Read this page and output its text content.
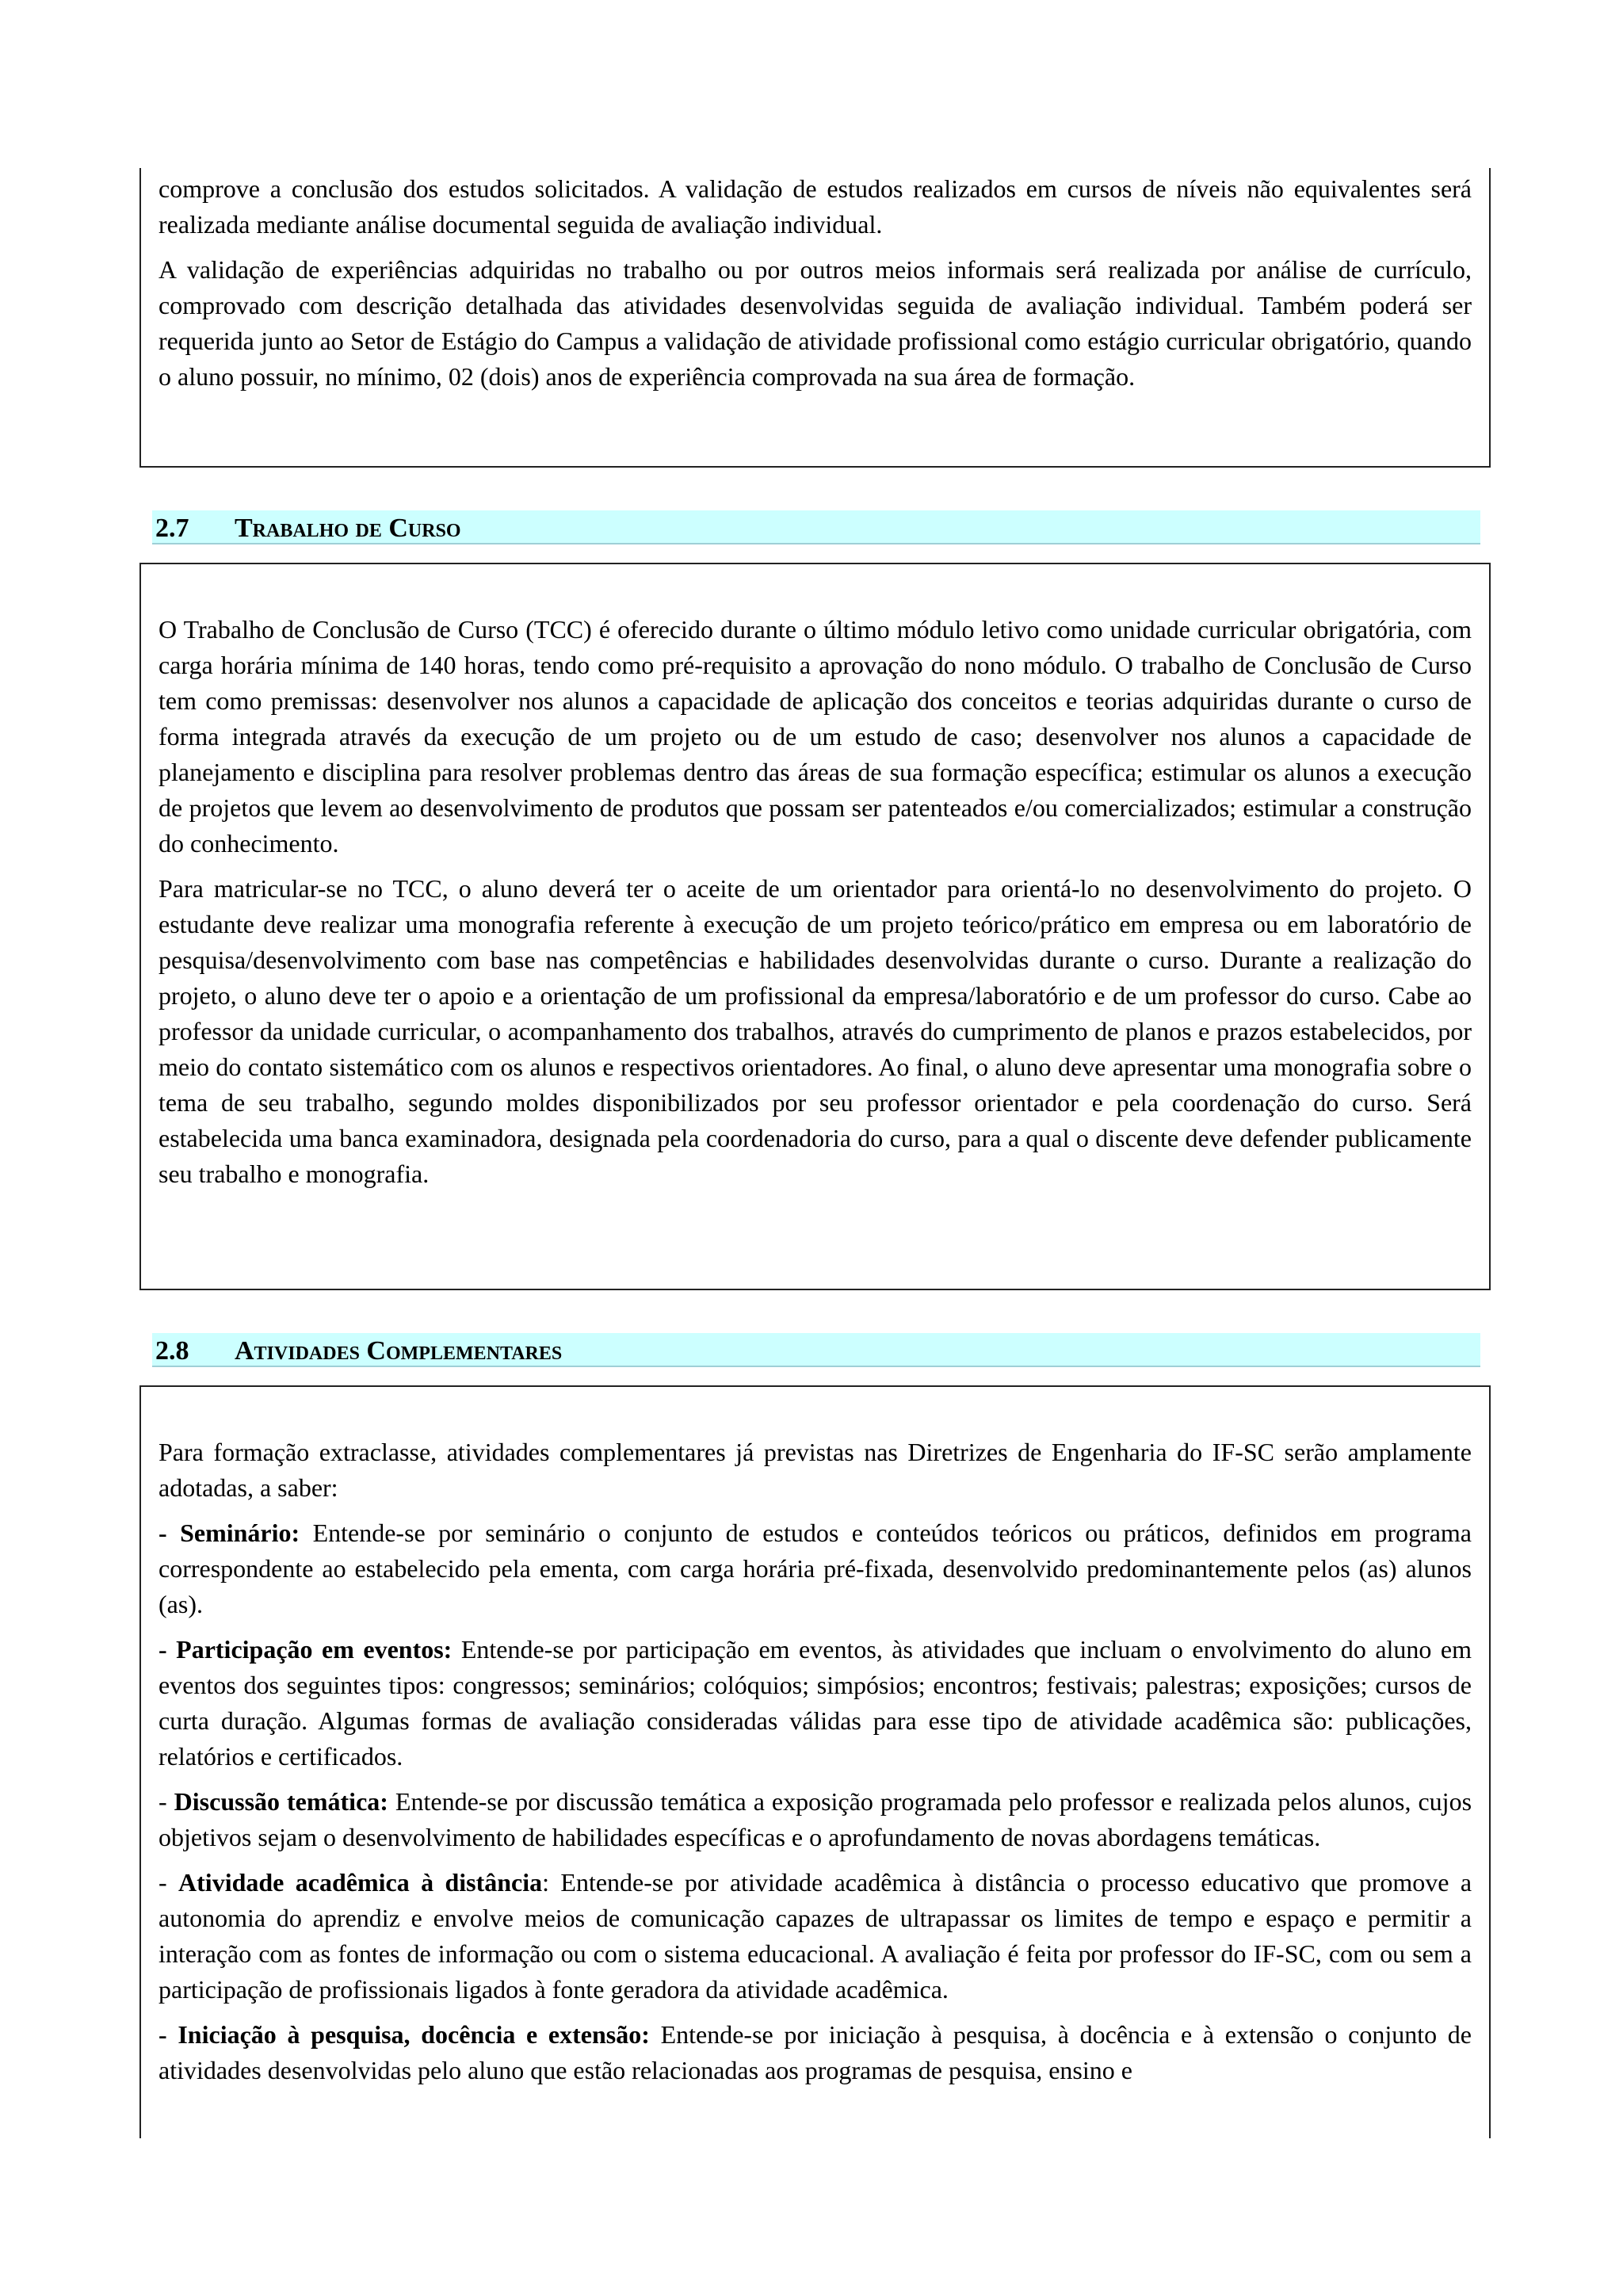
comprove a conclusão dos estudos solicitados. A validação de estudos realizados em cursos de níveis não equivalentes será realizada mediante análise documental seguida de avaliação individual.

A validação de experiências adquiridas no trabalho ou por outros meios informais será realizada por análise de currículo, comprovado com descrição detalhada das atividades desenvolvidas seguida de avaliação individual. Também poderá ser requerida junto ao Setor de Estágio do Campus a validação de atividade profissional como estágio curricular obrigatório, quando o aluno possuir, no mínimo, 02 (dois) anos de experiência comprovada na sua área de formação.

2.7 Trabalho de Curso

O Trabalho de Conclusão de Curso (TCC) é oferecido durante o último módulo letivo como unidade curricular obrigatória, com carga horária mínima de 140 horas, tendo como pré-requisito a aprovação do nono módulo. O trabalho de Conclusão de Curso tem como premissas: desenvolver nos alunos a capacidade de aplicação dos conceitos e teorias adquiridas durante o curso de forma integrada através da execução de um projeto ou de um estudo de caso; desenvolver nos alunos a capacidade de planejamento e disciplina para resolver problemas dentro das áreas de sua formação específica; estimular os alunos a execução de projetos que levem ao desenvolvimento de produtos que possam ser patenteados e/ou comercializados; estimular a construção do conhecimento.

Para matricular-se no TCC, o aluno deverá ter o aceite de um orientador para orientá-lo no desenvolvimento do projeto. O estudante deve realizar uma monografia referente à execução de um projeto teórico/prático em empresa ou em laboratório de pesquisa/desenvolvimento com base nas competências e habilidades desenvolvidas durante o curso. Durante a realização do projeto, o aluno deve ter o apoio e a orientação de um profissional da empresa/laboratório e de um professor do curso. Cabe ao professor da unidade curricular, o acompanhamento dos trabalhos, através do cumprimento de planos e prazos estabelecidos, por meio do contato sistemático com os alunos e respectivos orientadores. Ao final, o aluno deve apresentar uma monografia sobre o tema de seu trabalho, segundo moldes disponibilizados por seu professor orientador e pela coordenação do curso. Será estabelecida uma banca examinadora, designada pela coordenadoria do curso, para a qual o discente deve defender publicamente seu trabalho e monografia.

2.8 Atividades Complementares

Para formação extraclasse, atividades complementares já previstas nas Diretrizes de Engenharia do IF-SC serão amplamente adotadas, a saber:

- Seminário: Entende-se por seminário o conjunto de estudos e conteúdos teóricos ou práticos, definidos em programa correspondente ao estabelecido pela ementa, com carga horária pré-fixada, desenvolvido predominantemente pelos (as) alunos (as).

- Participação em eventos: Entende-se por participação em eventos, às atividades que incluam o envolvimento do aluno em eventos dos seguintes tipos: congressos; seminários; colóquios; simpósios; encontros; festivais; palestras; exposições; cursos de curta duração. Algumas formas de avaliação consideradas válidas para esse tipo de atividade acadêmica são: publicações, relatórios e certificados.

- Discussão temática: Entende-se por discussão temática a exposição programada pelo professor e realizada pelos alunos, cujos objetivos sejam o desenvolvimento de habilidades específicas e o aprofundamento de novas abordagens temáticas.

- Atividade acadêmica à distância: Entende-se por atividade acadêmica à distância o processo educativo que promove a autonomia do aprendiz e envolve meios de comunicação capazes de ultrapassar os limites de tempo e espaço e permitir a interação com as fontes de informação ou com o sistema educacional. A avaliação é feita por professor do IF-SC, com ou sem a participação de profissionais ligados à fonte geradora da atividade acadêmica.

- Iniciação à pesquisa, docência e extensão: Entende-se por iniciação à pesquisa, à docência e à extensão o conjunto de atividades desenvolvidas pelo aluno que estão relacionadas aos programas de pesquisa, ensino e
